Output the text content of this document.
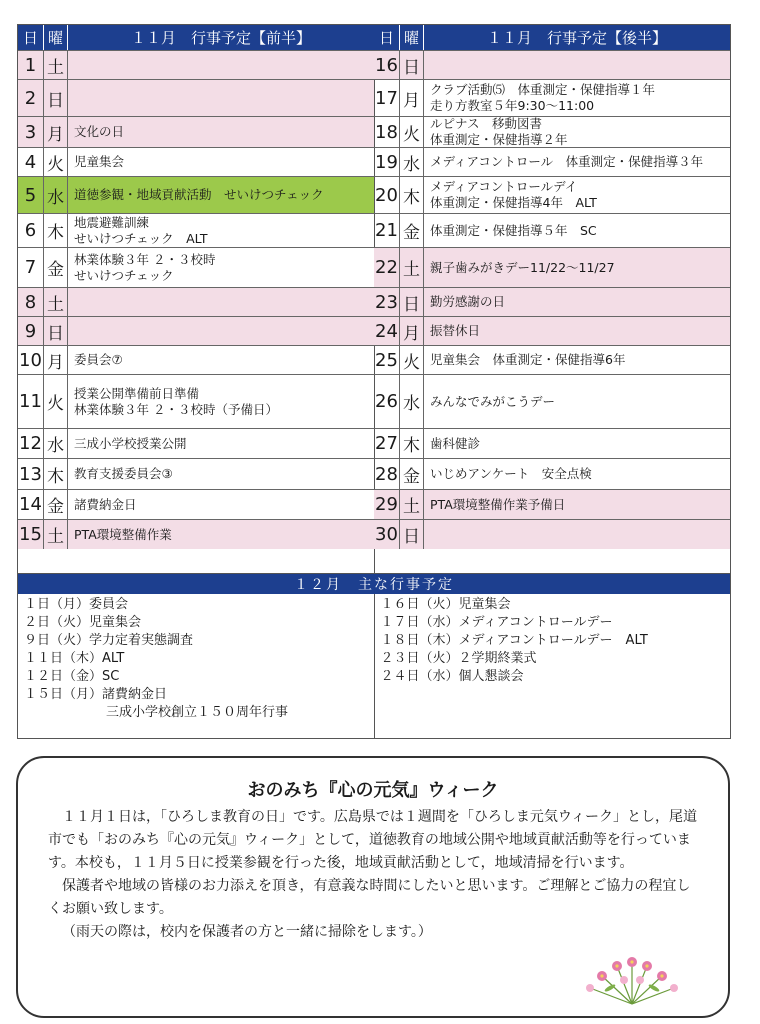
日 曜	１１月　行事予定【前半】
1 土
2 日
3 月 文化の日
4 火 児童集会
5 水 道徳参観・地域貢献活動　せいけつチェック
6 木
地震避難訓練
せいけつチェック　ALT
7 金
林業体験３年 ２・３校時
せいけつチェック
8 土
9 日
10 月 委員会⑦
11 火
授業公開準備前日準備
林業体験３年 ２・３校時（予備日）
12 水 三成小学校授業公開
13 木 教育支援委員会③
14 金 諸費納金日
15 土 PTA環境整備作業
日 曜	１１月　行事予定【後半】
16 日
17 月
クラブ活動⑸　体重測定・保健指導１年
走り方教室５年9:30～11:00
18 火
ルピナス　移動図書
体重測定・保健指導２年
19 水 メディアコントロール　体重測定・保健指導３年
20 木
メディアコントロールデイ
体重測定・保健指導4年　ALT
21 金 体重測定・保健指導５年　SC
22 土 親子歯みがきデー11/22～11/27
23 日 勤労感謝の日
24 月 振替休日
25 火 児童集会　体重測定・保健指導6年
26 水 みんなでみがこうデー
27 木 歯科健診
28 金 いじめアンケート　安全点検
29 土 PTA環境整備作業予備日
30 日
１２月　主な行事予定
１日（月）委員会
２日（火）児童集会
９日（火）学力定着実態調査
１１日（木）ALT
１２日（金）SC
１５日（月）諸費納金日
三成小学校創立１５０周年行事
１６日（火）児童集会
１７日（水）メディアコントロールデー
１８日（木）メディアコントロールデー　ALT
２３日（火）２学期終業式
２４日（水）個人懇談会
おのみち『心の元気』ウィーク

１１月１日は，「ひろしま教育の日」です。広島県では１週間を「ひろしま元気ウィーク」とし，尾道市でも「おのみち『心の元気』ウィーク」として，道徳教育の地域公開や地域貢献活動等を行っています。本校も，１１月５日に授業参観を行った後，地域貢献活動として，地域清掃を行います。

保護者や地域の皆様のお力添えを頂き，有意義な時間にしたいと思います。ご理解とご協力の程宜しくお願い致します。

（雨天の際は，校内を保護者の方と一緒に掃除をします。）
